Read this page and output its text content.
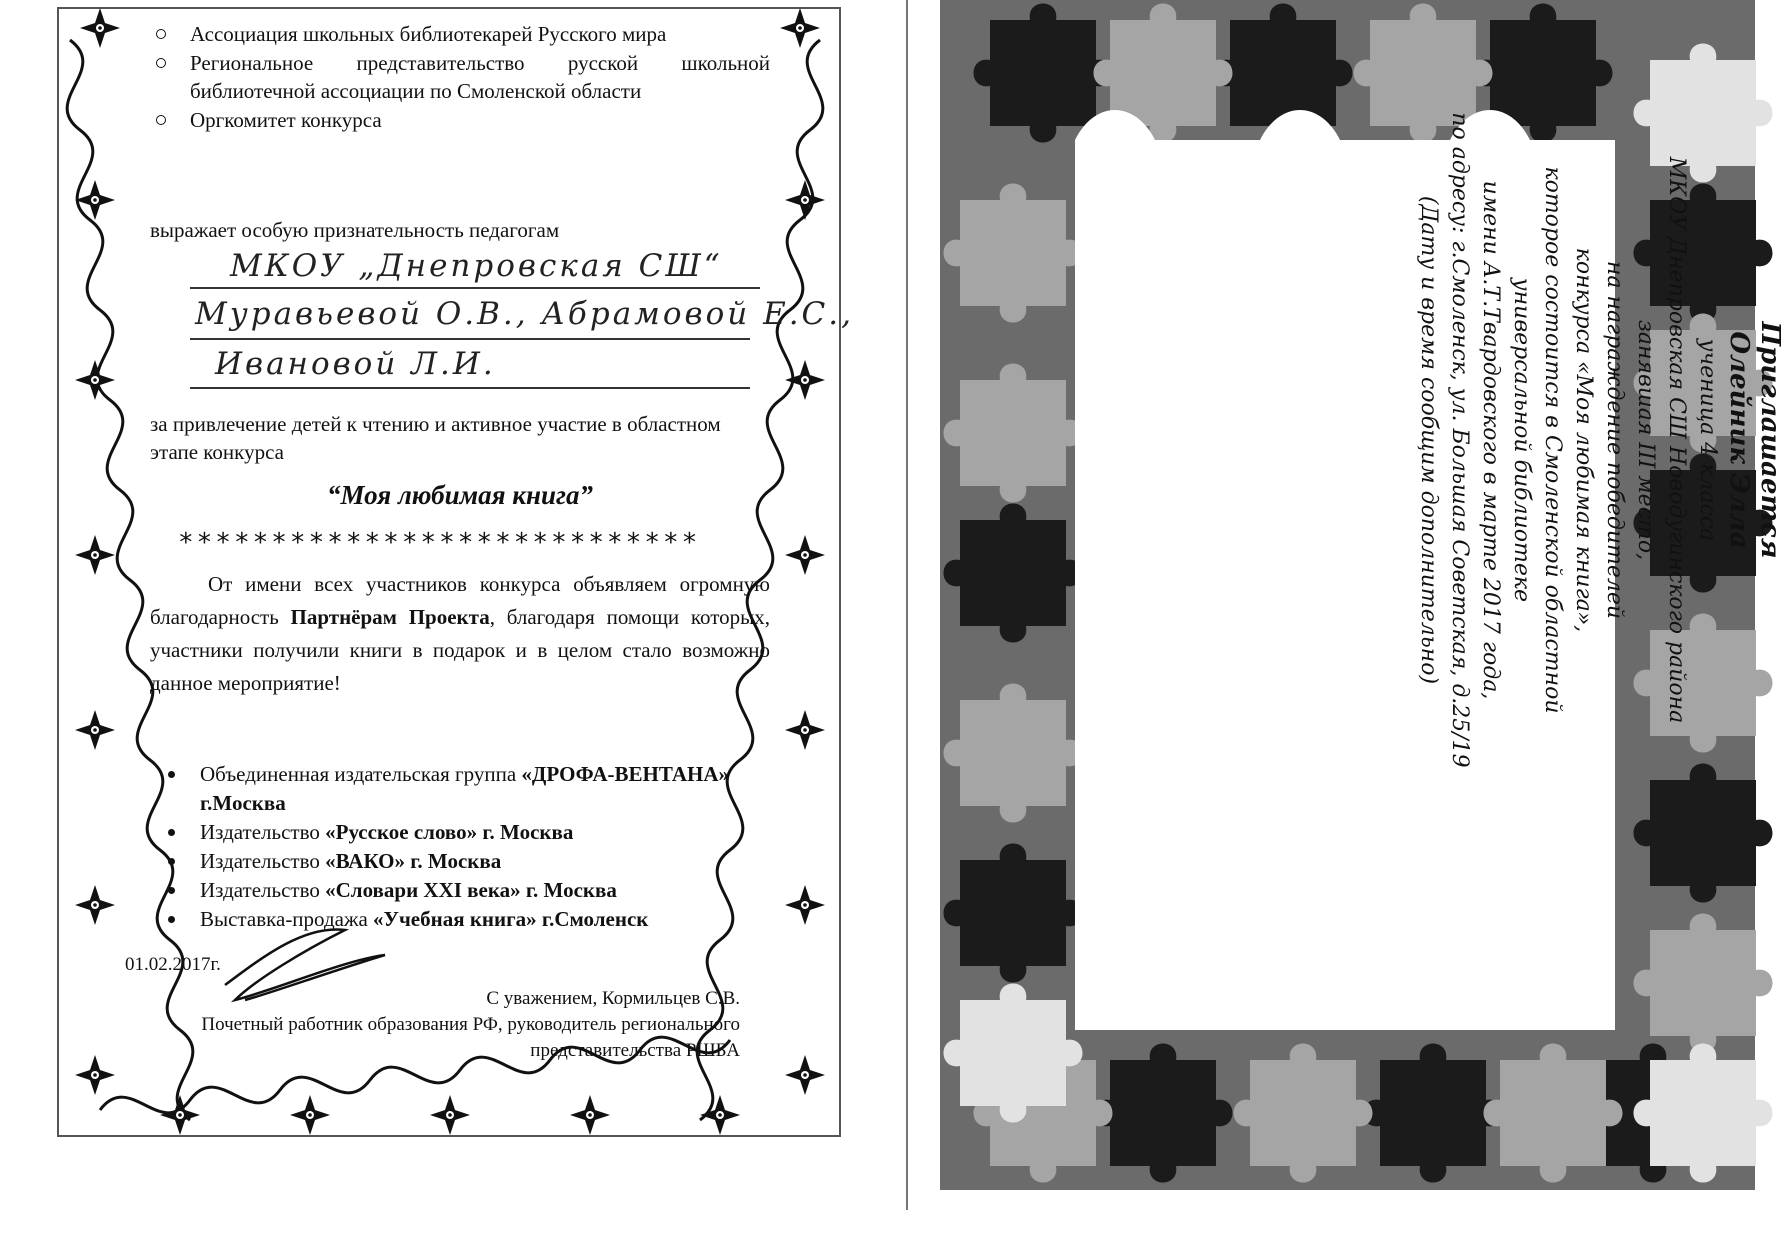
Ассоциация школьных библиотекарей Русского мира
Региональное представительство русской школьной библиотечной ассоциации по Смоленской области
Оргкомитет конкурса
выражает особую признательность педагогам
МКОУ „Днепровская СШ“
Муравьевой О.В., Абрамовой Е.С.,
Ивановой Л.И.
за привлечение детей к чтению и активное участие в областном этапе конкурса
“Моя любимая книга”
****************************
От имени всех участников конкурса объявляем огромную благодарность Партнёрам Проекта, благодаря помощи которых, участники получили книги в подарок и в целом стало возможно данное мероприятие!
Объединенная издательская группа «ДРОФА-ВЕНТАНА» г.Москва
Издательство «Русское слово» г. Москва
Издательство «ВАКО» г. Москва
Издательство «Словари XXI века» г. Москва
Выставка-продажа «Учебная книга» г.Смоленск
01.02.2017г.
С уважением, Кормильцев С.В.
Почетный работник образования РФ, руководитель регионального
представительства РШБА
Приглашается
Олейник Элла
ученица 4 класса
МКОУ Днепровская СШ Новодугинского района
занявшая III место,
на награждение победителей
конкурса «Моя любимая книга»,
которое состоится в Смоленской областной
универсальной библиотеке
имени А.Т.Твардовского в марте 2017 года,
по адресу: г.Смоленск, ул. Большая Советская, д.25/19
(Дату и время сообщим дополнительно)
